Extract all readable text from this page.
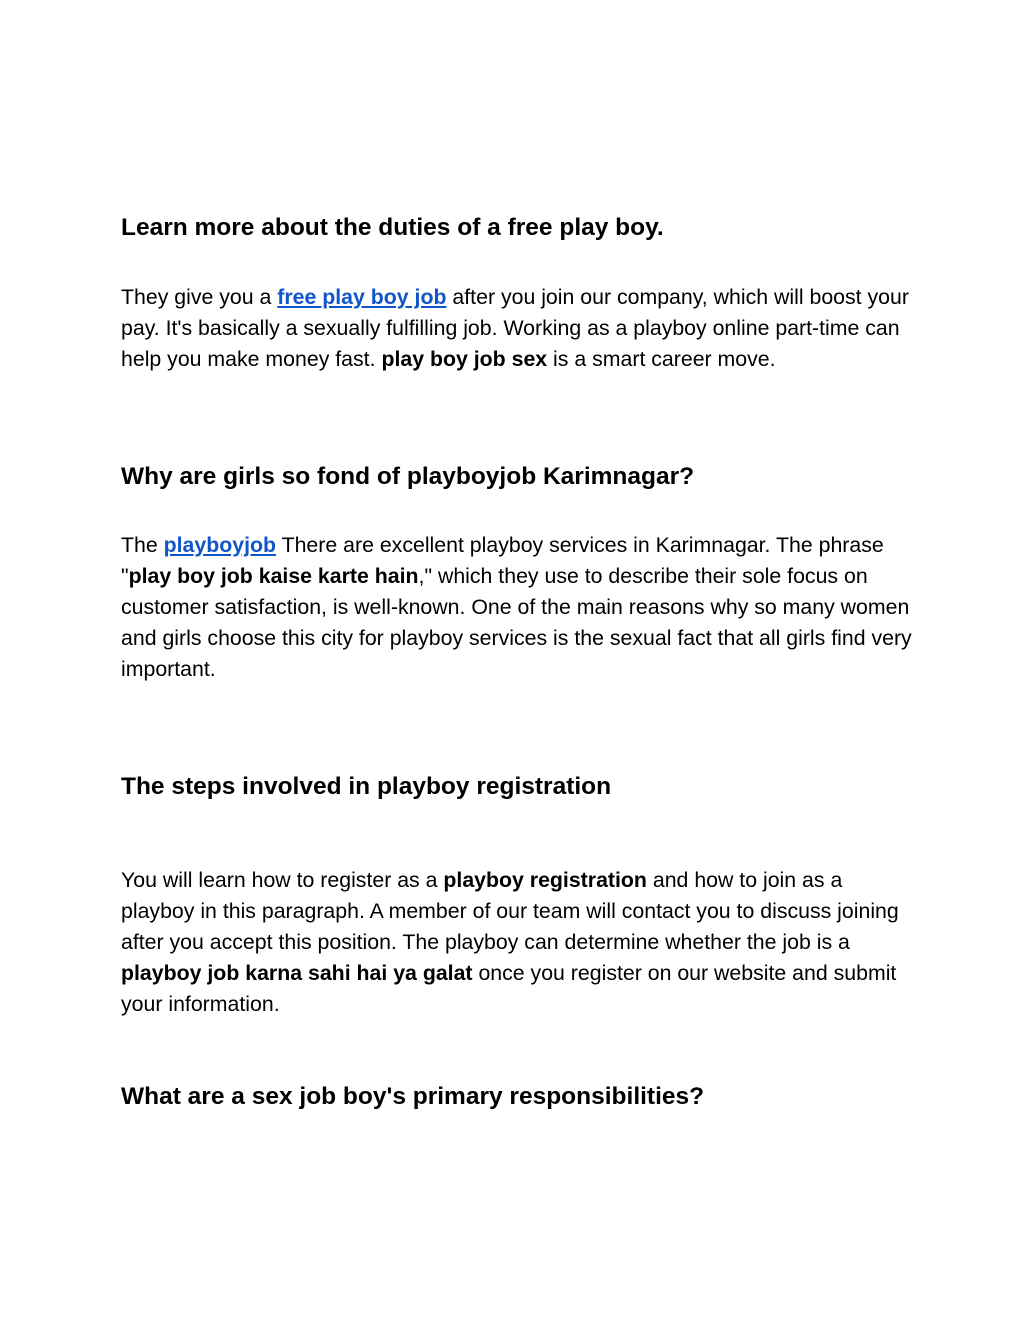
Learn more about the duties of a free play boy.

They give you a free play boy job after you join our company, which will boost your pay. It's basically a sexually fulfilling job. Working as a playboy online part-time can help you make money fast. play boy job sex is a smart career move.

Why are girls so fond of playboyjob Karimnagar?

The playboyjob There are excellent playboy services in Karimnagar. The phrase "play boy job kaise karte hain," which they use to describe their sole focus on customer satisfaction, is well-known. One of the main reasons why so many women and girls choose this city for playboy services is the sexual fact that all girls find very important.

The steps involved in playboy registration

You will learn how to register as a playboy registration and how to join as a playboy in this paragraph. A member of our team will contact you to discuss joining after you accept this position. The playboy can determine whether the job is a playboy job karna sahi hai ya galat once you register on our website and submit your information.

What are a sex job boy's primary responsibilities?
